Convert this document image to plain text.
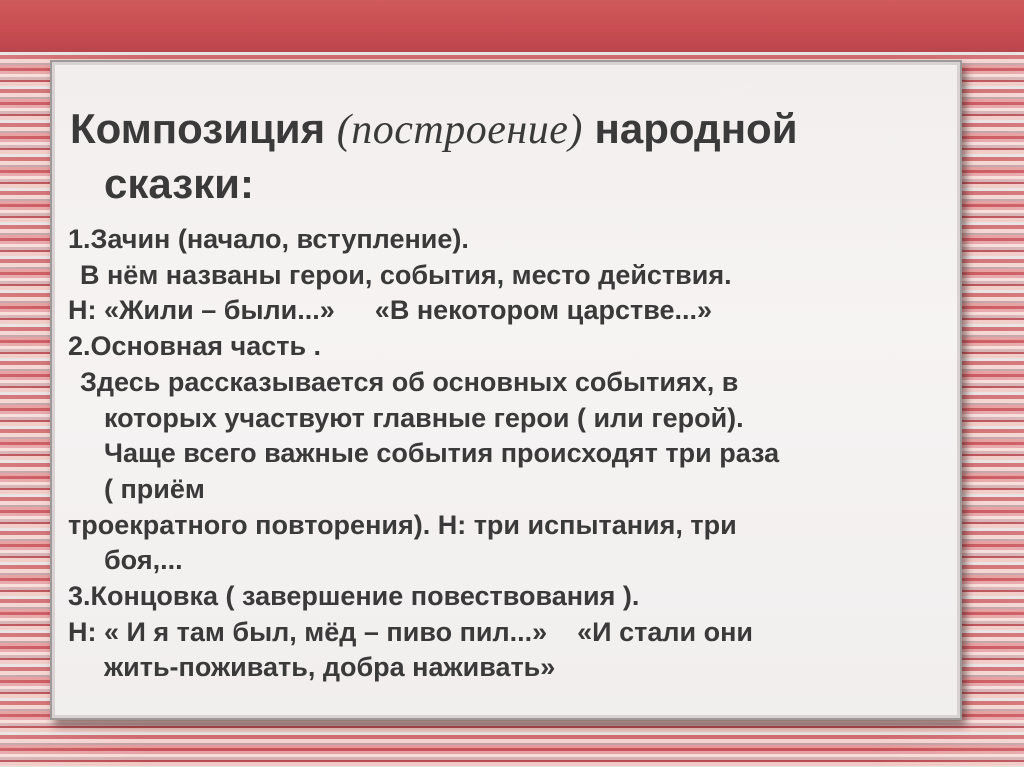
На главную
Композиция (построение) народной
сказки:
1.Зачин (начало, вступление).
В нём названы герои, события, место действия.
Н: «Жили – были...» «В некотором царстве...»
2.Основная часть .
Здесь рассказывается об основных событиях, в
которых участвуют главные герои ( или герой).
Чаще всего важные события происходят три раза
( приём
троекратного повторения). Н: три испытания, три
боя,...
3.Концовка ( завершение повествования ).
Н: « И я там был, мёд – пиво пил...» «И стали они
жить-поживать, добра наживать»
